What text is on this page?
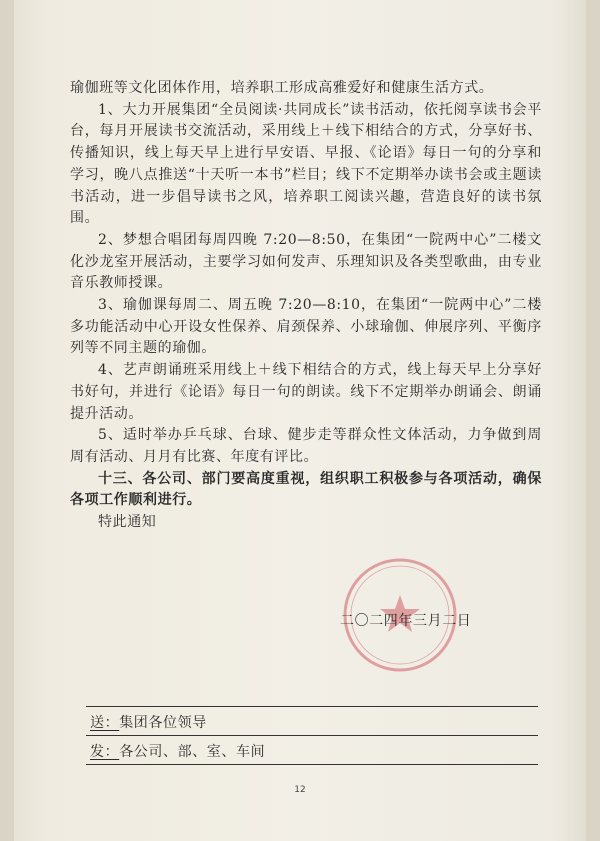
瑜伽班等文化团体作用，培养职工形成高雅爱好和健康生活方式。

1、大力开展集团“全员阅读·共同成长”读书活动，依托阅享读书会平台，每月开展读书交流活动，采用线上＋线下相结合的方式，分享好书、传播知识，线上每天早上进行早安语、早报、《论语》每日一句的分享和学习，晚八点推送“十天听一本书”栏目；线下不定期举办读书会或主题读书活动，进一步倡导读书之风，培养职工阅读兴趣，营造良好的读书氛围。

2、梦想合唱团每周四晚 7:20—8:50，在集团“一院两中心”二楼文化沙龙室开展活动，主要学习如何发声、乐理知识及各类型歌曲，由专业音乐教师授课。

3、瑜伽课每周二、周五晚 7:20—8:10，在集团“一院两中心”二楼多功能活动中心开设女性保养、肩颈保养、小球瑜伽、伸展序列、平衡序列等不同主题的瑜伽。

4、艺声朗诵班采用线上＋线下相结合的方式，线上每天早上分享好书好句，并进行《论语》每日一句的朗读。线下不定期举办朗诵会、朗诵提升活动。

5、适时举办乒乓球、台球、健步走等群众性文体活动，力争做到周周有活动、月月有比赛、年度有评比。

十三、各公司、部门要高度重视，组织职工积极参与各项活动，确保各项工作顺利进行。

特此通知

二〇二四年三月二日
送：集团各位领导
发：各公司、部、室、车间
12
